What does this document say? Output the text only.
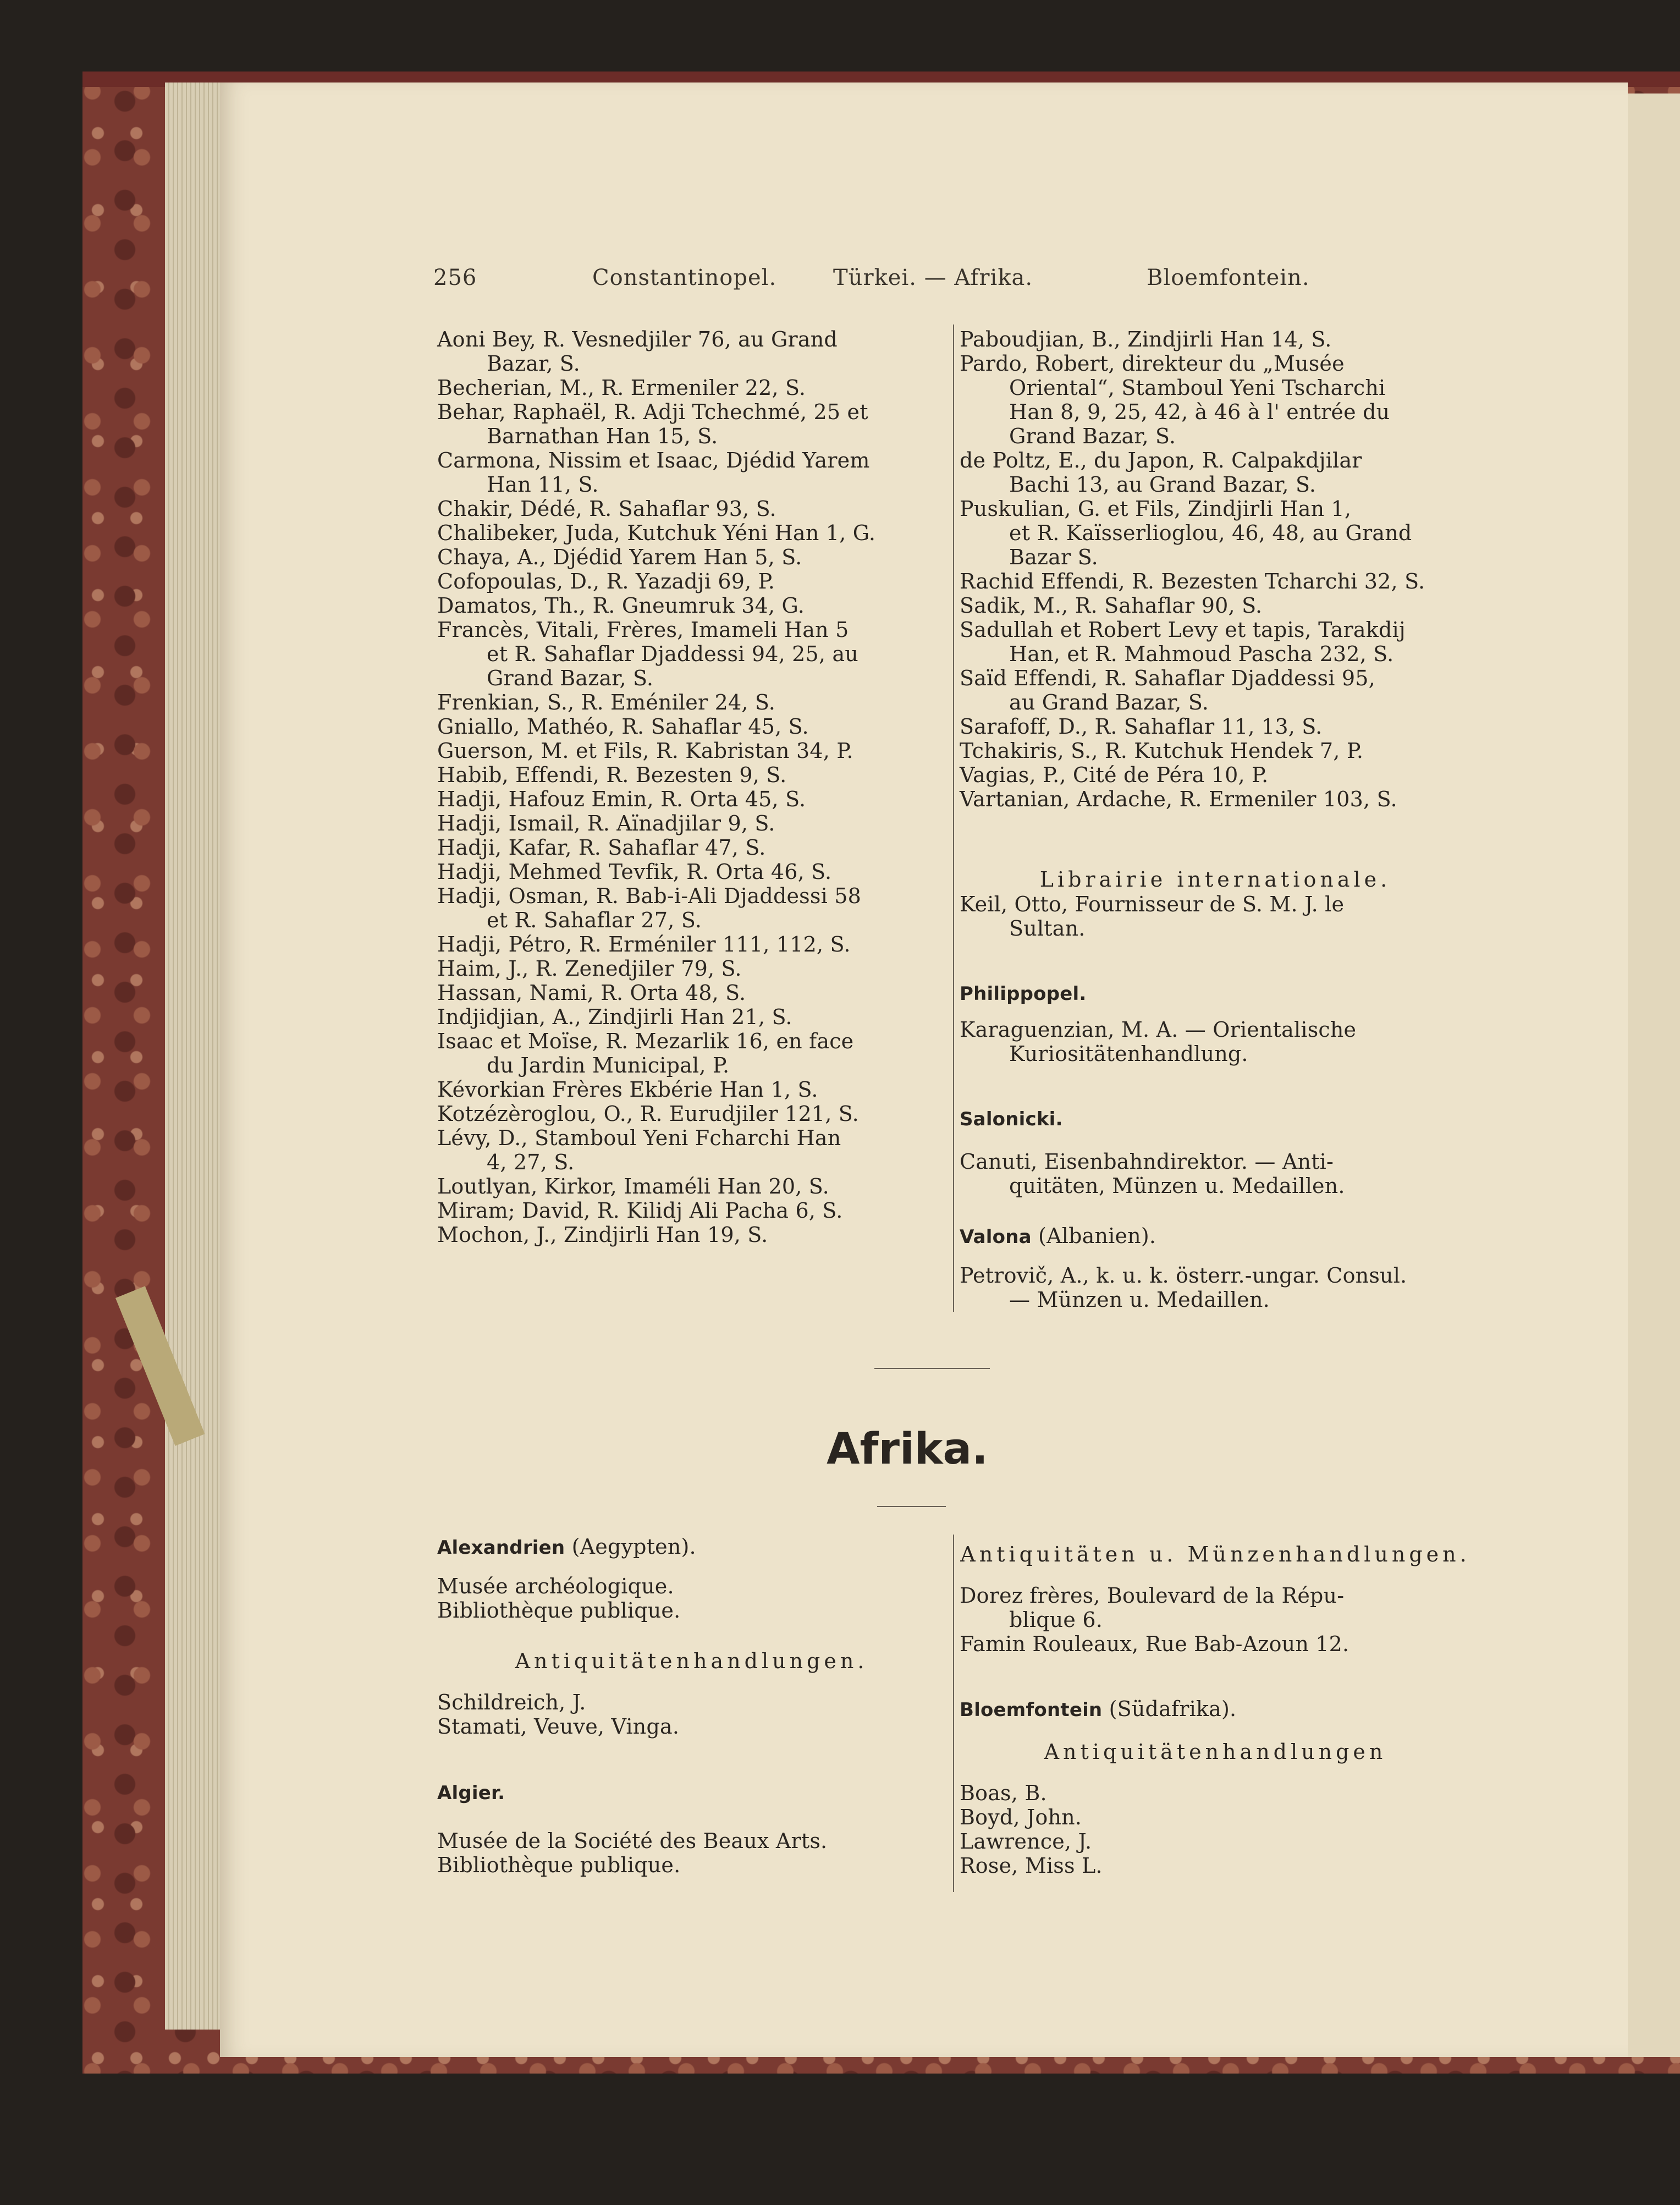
256	Constantinopel.	Türkei. — Afrika.	Bloemfontein.
Aoni Bey, R. Vesnedjiler 76, au Grand
Bazar, S.
Becherian, M., R. Ermeniler 22, S.
Behar, Raphaël, R. Adji Tchechmé, 25 et
Barnathan Han 15, S.
Carmona, Nissim et Isaac, Djédid Yarem
Han 11, S.
Chakir, Dédé, R. Sahaflar 93, S.
Chalibeker, Juda, Kutchuk Yéni Han 1, G.
Chaya, A., Djédid Yarem Han 5, S.
Cofopoulas, D., R. Yazadji 69, P.
Damatos, Th., R. Gneumruk 34, G.
Francès, Vitali, Frères, Imameli Han 5
et R. Sahaflar Djaddessi 94, 25, au
Grand Bazar, S.
Frenkian, S., R. Eméniler 24, S.
Gniallo, Mathéo, R. Sahaflar 45, S.
Guerson, M. et Fils, R. Kabristan 34, P.
Habib, Effendi, R. Bezesten 9, S.
Hadji, Hafouz Emin, R. Orta 45, S.
Hadji, Ismail, R. Aïnadjilar 9, S.
Hadji, Kafar, R. Sahaflar 47, S.
Hadji, Mehmed Tevfik, R. Orta 46, S.
Hadji, Osman, R. Bab-i-Ali Djaddessi 58
et R. Sahaflar 27, S.
Hadji, Pétro, R. Erméniler 111, 112, S.
Haim, J., R. Zenedjiler 79, S.
Hassan, Nami, R. Orta 48, S.
Indjidjian, A., Zindjirli Han 21, S.
Isaac et Moïse, R. Mezarlik 16, en face
du Jardin Municipal, P.
Kévorkian Frères Ekbérie Han 1, S.
Kotzézèroglou, O., R. Eurudjiler 121, S.
Lévy, D., Stamboul Yeni Fcharchi Han
4, 27, S.
Loutlyan, Kirkor, Imaméli Han 20, S.
Miram; David, R. Kilidj Ali Pacha 6, S.
Mochon, J., Zindjirli Han 19, S.
Paboudjian, B., Zindjirli Han 14, S.
Pardo, Robert, direkteur du „Musée
Oriental“, Stamboul Yeni Tscharchi
Han 8, 9, 25, 42, à 46 à l' entrée du
Grand Bazar, S.
de Poltz, E., du Japon, R. Calpakdjilar
Bachi 13, au Grand Bazar, S.
Puskulian, G. et Fils, Zindjirli Han 1,
et R. Kaïsserlioglou, 46, 48, au Grand
Bazar S.
Rachid Effendi, R. Bezesten Tcharchi 32, S.
Sadik, M., R. Sahaflar 90, S.
Sadullah et Robert Levy et tapis, Tarakdij
Han, et R. Mahmoud Pascha 232, S.
Saïd Effendi, R. Sahaflar Djaddessi 95,
au Grand Bazar, S.
Sarafoff, D., R. Sahaflar 11, 13, S.
Tchakiris, S., R. Kutchuk Hendek 7, P.
Vagias, P., Cité de Péra 10, P.
Vartanian, Ardache, R. Ermeniler 103, S.
Librairie internationale.
Keil, Otto, Fournisseur de S. M. J. le
Sultan.
Philippopel.
Karaguenzian, M. A. — Orientalische
Kuriositätenhandlung.
Salonicki.
Canuti, Eisenbahndirektor. — Anti-
quitäten, Münzen u. Medaillen.
Valona (Albanien).
Petrovič, A., k. u. k. österr.-ungar. Consul.
— Münzen u. Medaillen.
Afrika.
Alexandrien (Aegypten).
Musée archéologique.
Bibliothèque publique.
Antiquitätenhandlungen.
Schildreich, J.
Stamati, Veuve, Vinga.
Algier.
Musée de la Société des Beaux Arts.
Bibliothèque publique.
Antiquitäten u. Münzenhandlungen.
Dorez frères, Boulevard de la Répu-
blique 6.
Famin Rouleaux, Rue Bab-Azoun 12.
Bloemfontein (Südafrika).
Antiquitätenhandlungen
Boas, B.
Boyd, John.
Lawrence, J.
Rose, Miss L.
